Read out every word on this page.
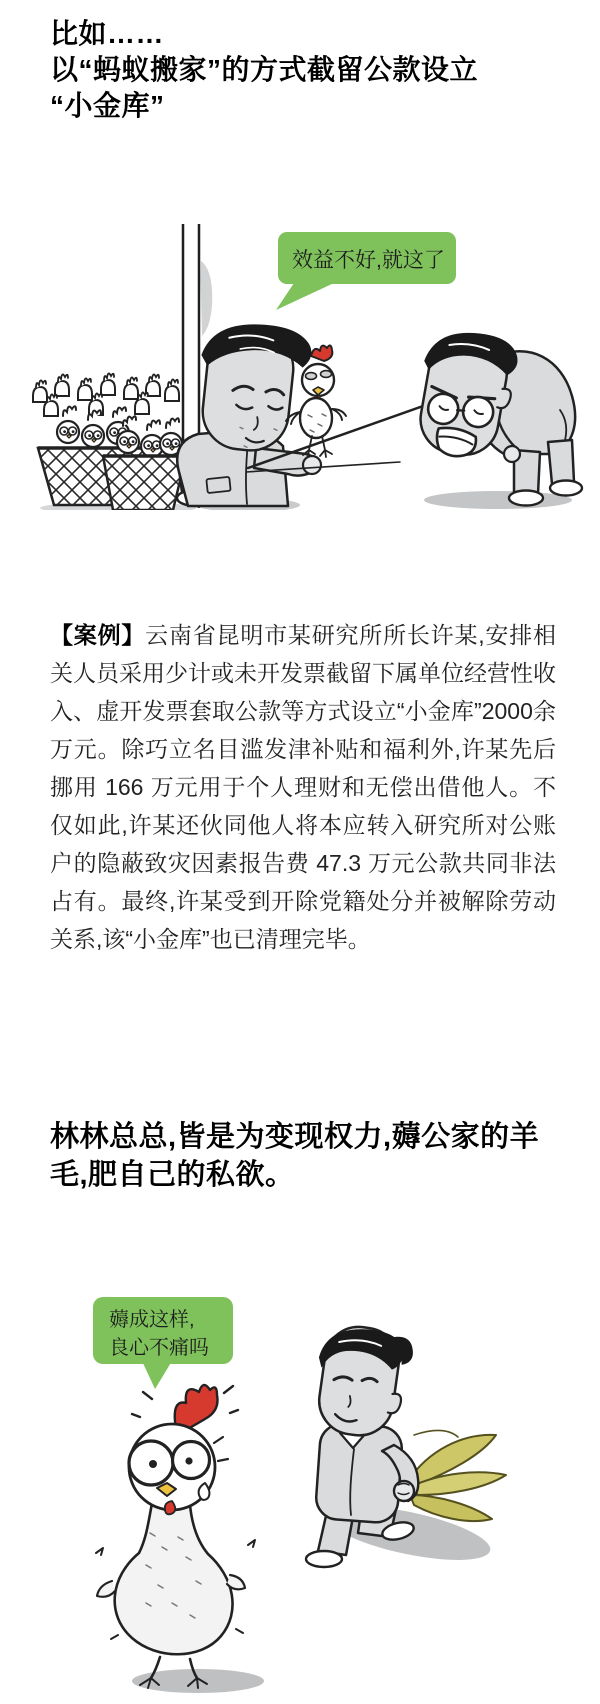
比如……
以“蚂蚁搬家”的方式截留公款设立
“小金库”
效益不好,就这了

【案例】云南省昆明市某研究所所长许某,安排相关人员采用少计或未开发票截留下属单位经营性收入、虚开发票套取公款等方式设立“小金库”2000余万元。除巧立名目滥发津补贴和福利外,许某先后挪用 166 万元用于个人理财和无偿出借他人。不仅如此,许某还伙同他人将本应转入研究所对公账户的隐蔽致灾因素报告费 47.3 万元公款共同非法占有。最终,许某受到开除党籍处分并被解除劳动关系,该“小金库”也已清理完毕。

林林总总,皆是为变现权力,薅公家的羊毛,肥自己的私欲。
薅成这样,
良心不痛吗
